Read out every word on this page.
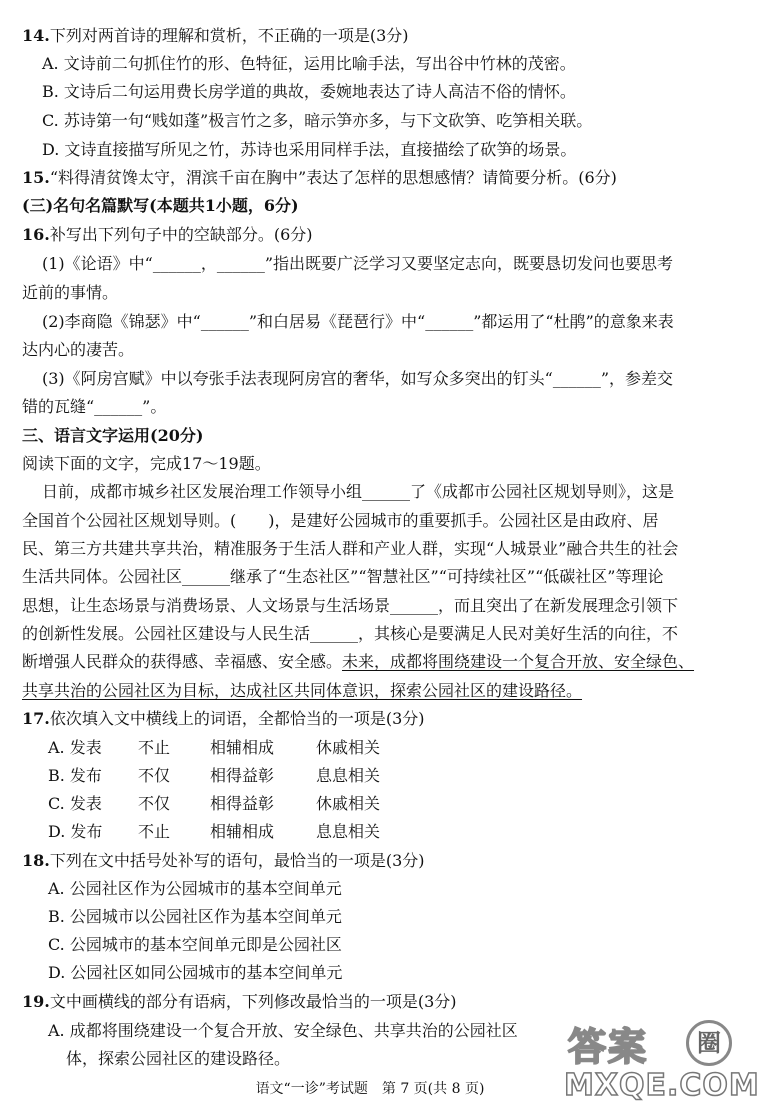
14.下列对两首诗的理解和赏析，不正确的一项是(3分)
A. 文诗前二句抓住竹的形、色特征，运用比喻手法，写出谷中竹林的茂密。
B. 文诗后二句运用费长房学道的典故，委婉地表达了诗人高洁不俗的情怀。
C. 苏诗第一句“贱如蓬”极言竹之多，暗示笋亦多，与下文砍笋、吃笋相关联。
D. 文诗直接描写所见之竹，苏诗也采用同样手法，直接描绘了砍笋的场景。
15.“料得清贫馋太守，渭滨千亩在胸中”表达了怎样的思想感情？请简要分析。(6分)
(三)名句名篇默写(本题共1小题，6分)
16.补写出下列句子中的空缺部分。(6分)
(1)《论语》中“______，______”指出既要广泛学习又要坚定志向，既要恳切发问也要思考
近前的事情。
(2)李商隐《锦瑟》中“______”和白居易《琵琶行》中“______”都运用了“杜鹃”的意象来表
达内心的凄苦。
(3)《阿房宫赋》中以夸张手法表现阿房宫的奢华，如写众多突出的钉头“______”，参差交
错的瓦缝“______”。
三、语言文字运用(20分)
阅读下面的文字，完成17～19题。
日前，成都市城乡社区发展治理工作领导小组______了《成都市公园社区规划导则》，这是
全国首个公园社区规划导则。(　　)，是建好公园城市的重要抓手。公园社区是由政府、居
民、第三方共建共享共治，精准服务于生活人群和产业人群，实现“人城景业”融合共生的社会
生活共同体。公园社区______继承了“生态社区”“智慧社区”“可持续社区”“低碳社区”等理论
思想，让生态场景与消费场景、人文场景与生活场景______，而且突出了在新发展理念引领下
的创新性发展。公园社区建设与人民生活______，其核心是要满足人民对美好生活的向往，不
断增强人民群众的获得感、幸福感、安全感。未来，成都将围绕建设一个复合开放、安全绿色、
共享共治的公园社区为目标，达成社区共同体意识，探索公园社区的建设路径。
17.依次填入文中横线上的词语，全都恰当的一项是(3分)
A. 发表 不止 相辅相成	休戚相关
B. 发布 不仅 相得益彰	息息相关
C. 发表 不仅 相得益彰	休戚相关
D. 发布 不止 相辅相成	息息相关
18.下列在文中括号处补写的语句，最恰当的一项是(3分)
A. 公园社区作为公园城市的基本空间单元
B. 公园城市以公园社区作为基本空间单元
C. 公园城市的基本空间单元即是公园社区
D. 公园社区如同公园城市的基本空间单元
19.文中画横线的部分有语病，下列修改最恰当的一项是(3分)
A. 成都将围绕建设一个复合开放、安全绿色、共享共治的公园社区
体，探索公园社区的建设路径。	答案	圈
MXQE.COM
语文“一诊”考试题　第 7 页(共 8 页)
